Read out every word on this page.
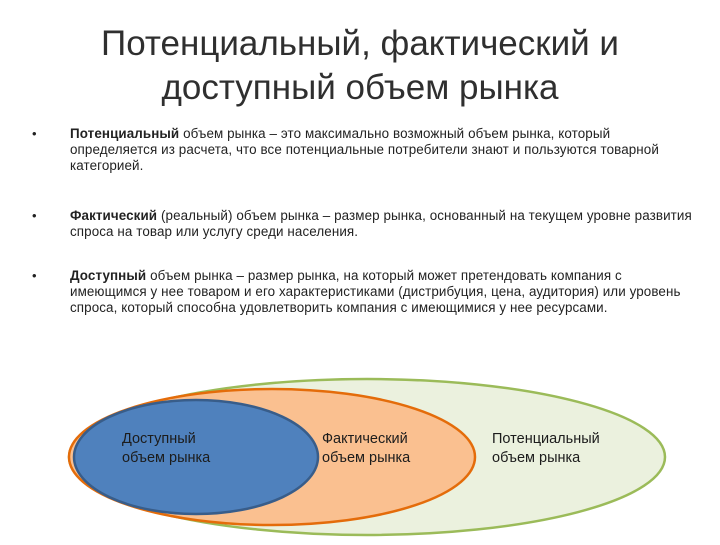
Потенциальный, фактический и
доступный объем рынка
• Потенциальный объем рынка – это максимально возможный объем рынка, который определяется из расчета, что все потенциальные потребители знают и пользуются товарной категорией.
• Фактический (реальный) объем рынка – размер рынка, основанный на текущем уровне развития спроса на товар или услугу среди населения.
• Доступный объем рынка – размер рынка, на который может претендовать компания с имеющимся у нее товаром и его характеристиками (дистрибуция, цена, аудитория) или уровень спроса, который способна удовлетворить компания с имеющимися у нее ресурсами.
Доступный
объем рынка
Фактический
объем рынка
Потенциальный
объем рынка
